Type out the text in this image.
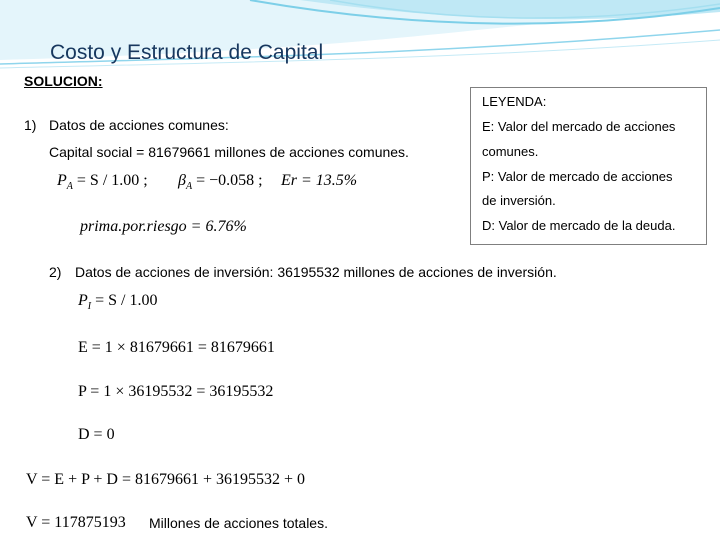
Costo y Estructura de Capital
SOLUCION:
1) Datos de acciones comunes:
Capital social = 81679661 millones de acciones comunes.
$P_A = S / 1.00$ ; $\beta_A = -0.058$ ; Er = 13.5%
prima.por.riesgo = 6.76%
LEYENDA:
E: Valor del mercado de acciones
comunes.
P: Valor de mercado de acciones
de inversión.
D: Valor de mercado de la deuda.
2) Datos de acciones de inversión: 36195532 millones de acciones de inversión.
$P_I = S / 1.00$
E = 1 × 81679661 = 81679661
P = 1 × 36195532 = 36195532
D = 0
V = E + P + D = 81679661 + 36195532 + 0
V = 117875193 Millones de acciones totales.
